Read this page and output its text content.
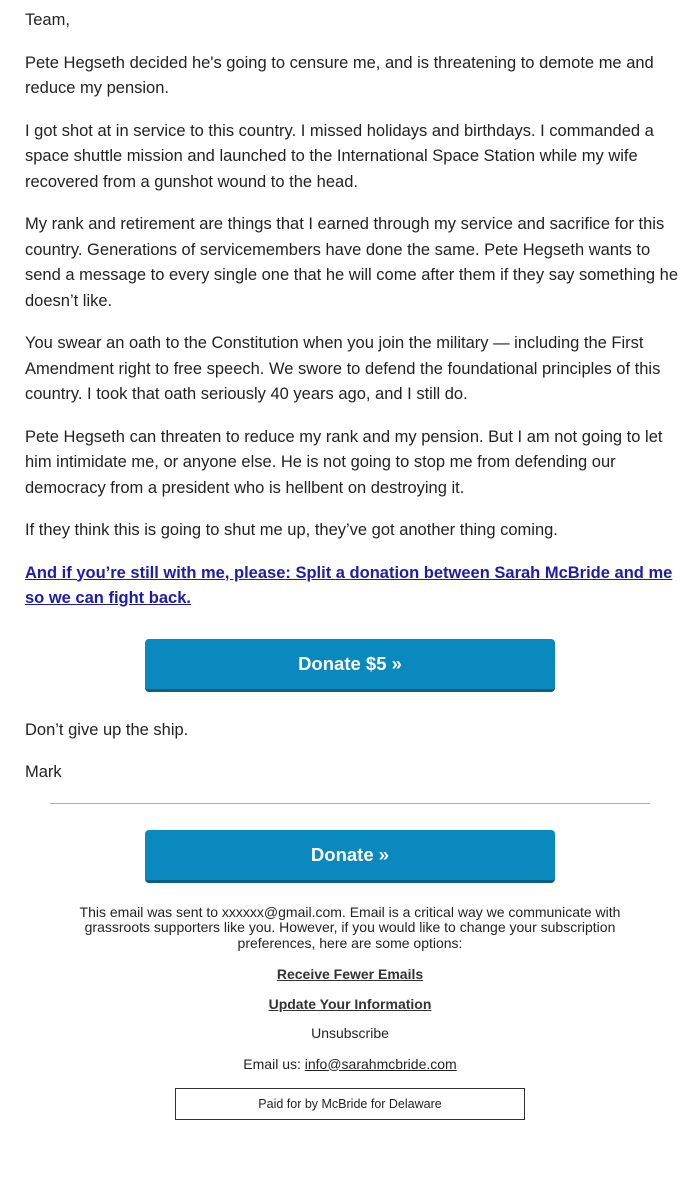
Team,

Pete Hegseth decided he's going to censure me, and is threatening to demote me and reduce my pension.

I got shot at in service to this country. I missed holidays and birthdays. I commanded a space shuttle mission and launched to the International Space Station while my wife recovered from a gunshot wound to the head.

My rank and retirement are things that I earned through my service and sacrifice for this country. Generations of servicemembers have done the same. Pete Hegseth wants to send a message to every single one that he will come after them if they say something he doesn’t like.

You swear an oath to the Constitution when you join the military — including the First Amendment right to free speech. We swore to defend the foundational principles of this country. I took that oath seriously 40 years ago, and I still do.

Pete Hegseth can threaten to reduce my rank and my pension. But I am not going to let him intimidate me, or anyone else. He is not going to stop me from defending our democracy from a president who is hellbent on destroying it.

If they think this is going to shut me up, they’ve got another thing coming.

And if you’re still with me, please: Split a donation between Sarah McBride and me so we can fight back.

Donate $5 »

Don’t give up the ship.

Mark

Donate »
This email was sent to xxxxxx@gmail.com. Email is a critical way we communicate with grassroots supporters like you. However, if you would like to change your subscription preferences, here are some options:
Receive Fewer Emails
Update Your Information
Unsubscribe
Email us: info@sarahmcbride.com
Paid for by McBride for Delaware
